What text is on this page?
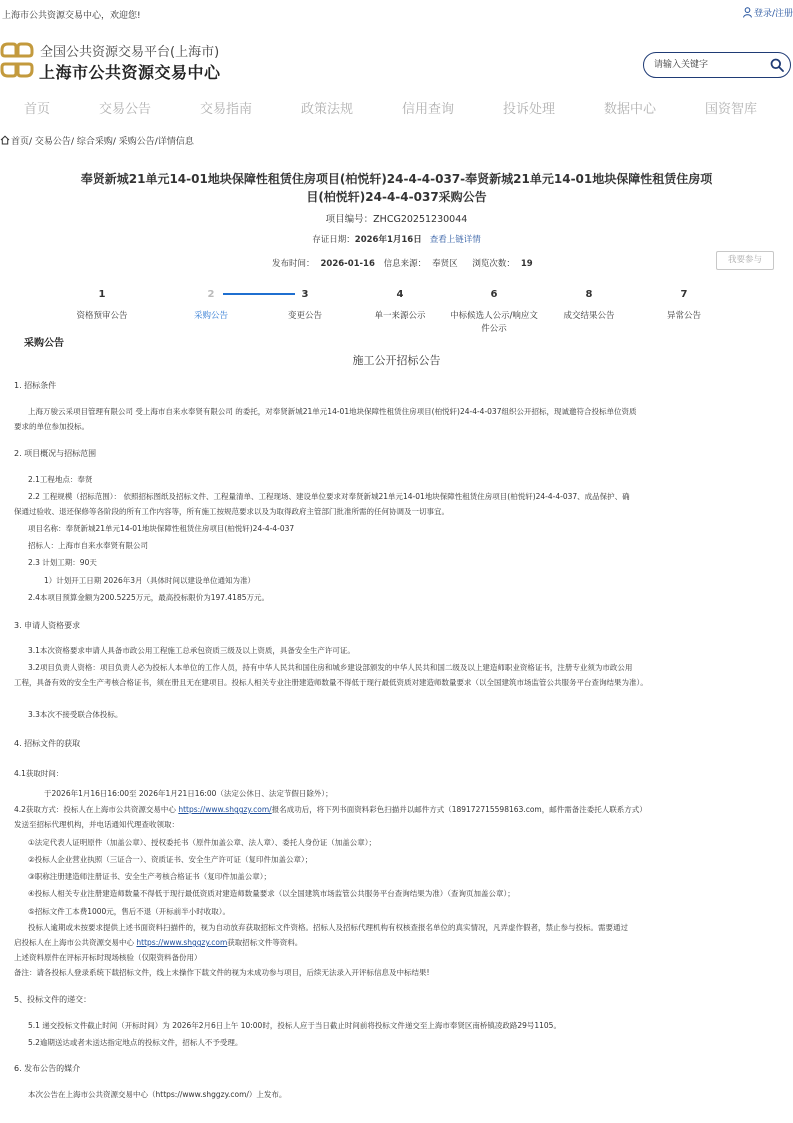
上海市公共资源交易中心，欢迎您!	登录/注册
全国公共资源交易平台(上海市)
上海市公共资源交易中心
请输入关键字
首页	交易公告	交易指南	政策法规	信用查询	投诉处理	数据中心	国资智库
首页/ 交易公告/ 综合采购/ 采购公告/详情信息
奉贤新城21单元14-01地块保障性租赁住房项目(柏悦轩)24-4-4-037-奉贤新城21单元14-01地块保障性租赁住房项
目(柏悦轩)24-4-4-037采购公告
项目编号：ZHCG20251230044
存证日期：2026年1月16日 查看上链详情
发布时间： 2026-01-16 信息来源： 奉贤区 浏览次数： 19	我要参与
1	2	3	4	6	8	7
资格预审公告	采购公告	变更公告	单一来源公示	中标候选人公示/响应文
件公示
成交结果公告	异常公告
采购公告
施工公开招标公告
1. 招标条件
上海万骏云采项目管理有限公司 受上海市自来水奉贤有限公司 的委托，对奉贤新城21单元14-01地块保障性租赁住房项目(柏悦轩)24-4-4-037组织公开招标，现诚邀符合投标单位资质
要求的单位参加投标。
2. 项目概况与招标范围
2.1工程地点：奉贤
2.2 工程规模（招标范围）： 依照招标图纸及招标文件、工程量清单、工程现场、建设单位要求对奉贤新城21单元14-01地块保障性租赁住房项目(柏悦轩)24-4-4-037、成品保护、确
保通过验收、退还保修等各阶段的所有工作内容等，所有施工按规范要求以及为取得政府主管部门批准所需的任何协调及一切事宜。
项目名称：奉贤新城21单元14-01地块保障性租赁住房项目(柏悦轩)24-4-4-037
招标人：上海市自来水奉贤有限公司
2.3 计划工期：90天
1）计划开工日期 2026年3月（具体时间以建设单位通知为准）
2.4本项目预算金额为200.5225万元，最高投标限价为197.4185万元。
3. 申请人资格要求
3.1本次资格要求申请人具备市政公用工程施工总承包资质三级及以上资质，具备安全生产许可证。
3.2项目负责人资格：项目负责人必为投标人本单位的工作人员，持有中华人民共和国住房和城乡建设部颁发的中华人民共和国二级及以上建造师职业资格证书，注册专业须为市政公用
工程，具备有效的安全生产考核合格证书，须在册且无在建项目。投标人相关专业注册建造师数量不得低于现行最低资质对建造师数量要求（以全国建筑市场监管公共服务平台查询结果为准）。
3.3本次不接受联合体投标。
4. 招标文件的获取
4.1获取时间：
于2026年1月16日16:00至 2026年1月21日16:00（法定公休日、法定节假日除外）；
4.2获取方式：投标人在上海市公共资源交易中心 https://www.shggzy.com/报名成功后，将下列书面资料彩色扫描并以邮件方式（18917271559816З.com，邮件需备注委托人联系方式）
发送至招标代理机构，并电话通知代理查收领取：
①法定代表人证明原件（加盖公章）、授权委托书（原件加盖公章、法人章）、委托人身份证（加盖公章）；
②投标人企业营业执照（三证合一）、资质证书、安全生产许可证（复印件加盖公章）；
③职称注册建造师注册证书、安全生产考核合格证书（复印件加盖公章）；
④投标人相关专业注册建造师数量不得低于现行最低资质对建造师数量要求（以全国建筑市场监管公共服务平台查询结果为准）（查询页加盖公章）；
⑤招标文件工本费1000元，售后不退（开标前半小时收取）。
投标人逾期或未按要求提供上述书面资料扫描件的，视为自动放弃获取招标文件资格。招标人及招标代理机构有权核查报名单位的真实情况，凡弄虚作假者，禁止参与投标。需要通过
启投标人在上海市公共资源交易中心 https://www.shggzy.com获取招标文件等资料。
上述资料原件在评标开标时现场核验（仅限资料备份用）
备注：请各投标人登录系统下载招标文件，线上未操作下载文件的视为未成功参与项目，后续无法录入开评标信息及中标结果!
5、投标文件的递交：
5.1 递交投标文件截止时间（开标时间）为 2026年2月6日上午 10:00时，投标人应于当日截止时间前将投标文件递交至上海市奉贤区南桥镇凌政路29号1105。
5.2逾期送达或者未送达指定地点的投标文件，招标人不予受理。
6. 发布公告的媒介
本次公告在上海市公共资源交易中心（https://www.shggzy.com/）上发布。
